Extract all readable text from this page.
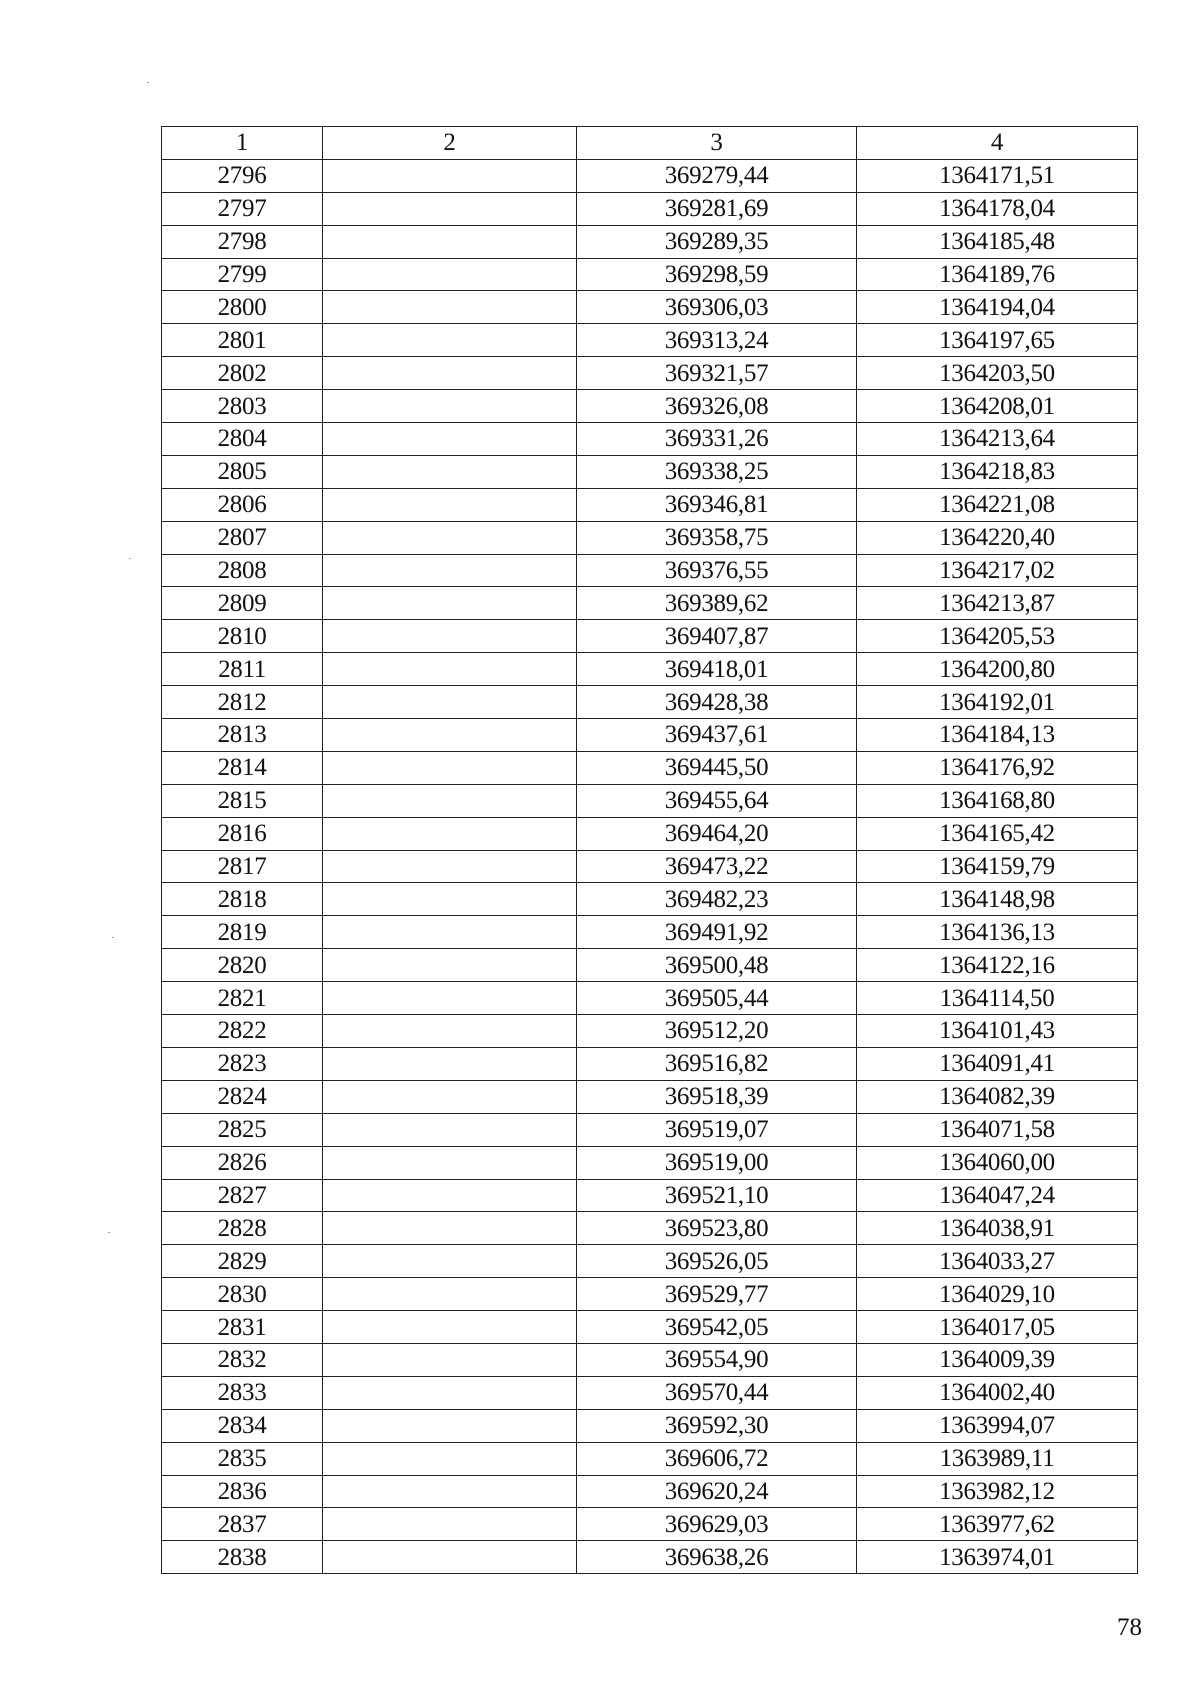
1	2	3	4
2796		369279,44	1364171,51
2797		369281,69	1364178,04
2798		369289,35	1364185,48
2799		369298,59	1364189,76
2800		369306,03	1364194,04
2801		369313,24	1364197,65
2802		369321,57	1364203,50
2803		369326,08	1364208,01
2804		369331,26	1364213,64
2805		369338,25	1364218,83
2806		369346,81	1364221,08
2807		369358,75	1364220,40
2808		369376,55	1364217,02
2809		369389,62	1364213,87
2810		369407,87	1364205,53
2811		369418,01	1364200,80
2812		369428,38	1364192,01
2813		369437,61	1364184,13
2814		369445,50	1364176,92
2815		369455,64	1364168,80
2816		369464,20	1364165,42
2817		369473,22	1364159,79
2818		369482,23	1364148,98
2819		369491,92	1364136,13
2820		369500,48	1364122,16
2821		369505,44	1364114,50
2822		369512,20	1364101,43
2823		369516,82	1364091,41
2824		369518,39	1364082,39
2825		369519,07	1364071,58
2826		369519,00	1364060,00
2827		369521,10	1364047,24
2828		369523,80	1364038,91
2829		369526,05	1364033,27
2830		369529,77	1364029,10
2831		369542,05	1364017,05
2832		369554,90	1364009,39
2833		369570,44	1364002,40
2834		369592,30	1363994,07
2835		369606,72	1363989,11
2836		369620,24	1363982,12
2837		369629,03	1363977,62
2838		369638,26	1363974,01
78
